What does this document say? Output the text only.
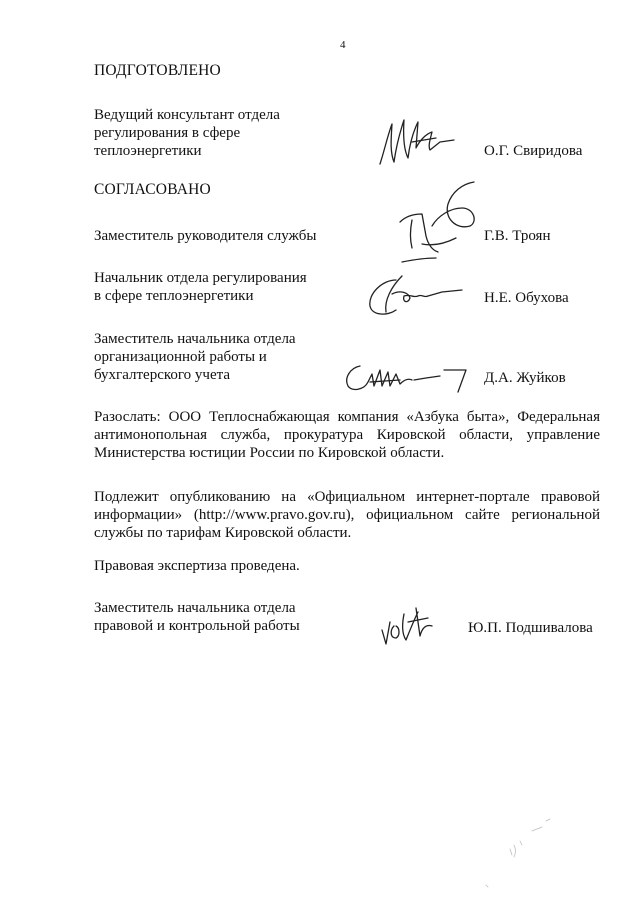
4
ПОДГОТОВЛЕНО
Ведущий консультант отдела
регулирования в сфере
теплоэнергетики	О.Г. Свиридова
СОГЛАСОВАНО
Заместитель руководителя службы	Г.В. Троян
Начальник отдела регулирования
в сфере теплоэнергетики	Н.Е. Обухова
Заместитель начальника отдела
организационной работы и
бухгалтерского учета	Д.А. Жуйков
Разослать: ООО Теплоснабжающая компания «Азбука быта», Федеральная
антимонопольная служба, прокуратура Кировской области, управление
Министерства юстиции России по Кировской области.
Подлежит опубликованию на «Официальном интернет-портале правовой
информации» (http://www.pravo.gov.ru), официальном сайте региональной
службы по тарифам Кировской области.
Правовая экспертиза проведена.
Заместитель начальника отдела
правовой и контрольной работы	Ю.П. Подшивалова
